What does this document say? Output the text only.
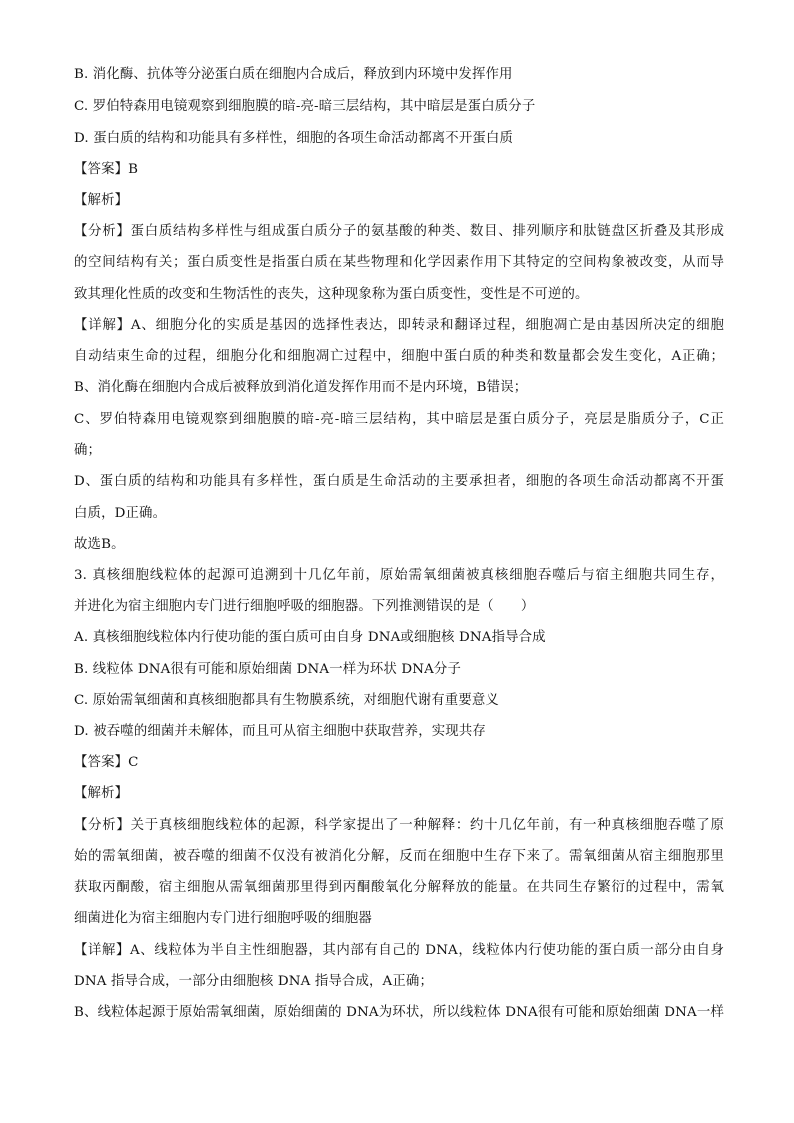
B. 消化酶、抗体等分泌蛋白质在细胞内合成后，释放到内环境中发挥作用
C. 罗伯特森用电镜观察到细胞膜的暗-亮-暗三层结构，其中暗层是蛋白质分子
D. 蛋白质的结构和功能具有多样性，细胞的各项生命活动都离不开蛋白质
【答案】B
【解析】
【分析】蛋白质结构多样性与组成蛋白质分子的氨基酸的种类、数目、排列顺序和肽链盘区折叠及其形成
的空间结构有关；蛋白质变性是指蛋白质在某些物理和化学因素作用下其特定的空间构象被改变，从而导
致其理化性质的改变和生物活性的丧失，这种现象称为蛋白质变性，变性是不可逆的。
【详解】A、细胞分化的实质是基因的选择性表达，即转录和翻译过程，细胞凋亡是由基因所决定的细胞
自动结束生命的过程，细胞分化和细胞凋亡过程中，细胞中蛋白质的种类和数量都会发生变化，A正确；
B、消化酶在细胞内合成后被释放到消化道发挥作用而不是内环境，B错误；
C、罗伯特森用电镜观察到细胞膜的暗-亮-暗三层结构，其中暗层是蛋白质分子，亮层是脂质分子，C正
确；
D、蛋白质的结构和功能具有多样性，蛋白质是生命活动的主要承担者，细胞的各项生命活动都离不开蛋
白质，D正确。
故选B。
3. 真核细胞线粒体的起源可追溯到十几亿年前，原始需氧细菌被真核细胞吞噬后与宿主细胞共同生存，
并进化为宿主细胞内专门进行细胞呼吸的细胞器。下列推测错误的是（　　）
A. 真核细胞线粒体内行使功能的蛋白质可由自身 DNA或细胞核 DNA指导合成
B. 线粒体 DNA很有可能和原始细菌 DNA一样为环状 DNA分子
C. 原始需氧细菌和真核细胞都具有生物膜系统，对细胞代谢有重要意义
D. 被吞噬的细菌并未解体，而且可从宿主细胞中获取营养，实现共存
【答案】C
【解析】
【分析】关于真核细胞线粒体的起源，科学家提出了一种解释：约十几亿年前，有一种真核细胞吞噬了原
始的需氧细菌，被吞噬的细菌不仅没有被消化分解，反而在细胞中生存下来了。需氧细菌从宿主细胞那里
获取丙酮酸，宿主细胞从需氧细菌那里得到丙酮酸氧化分解释放的能量。在共同生存繁衍的过程中，需氧
细菌进化为宿主细胞内专门进行细胞呼吸的细胞器
【详解】A、线粒体为半自主性细胞器，其内部有自己的 DNA，线粒体内行使功能的蛋白质一部分由自身
DNA 指导合成，一部分由细胞核 DNA 指导合成，A正确；
B、线粒体起源于原始需氧细菌，原始细菌的 DNA为环状，所以线粒体 DNA很有可能和原始细菌 DNA一样
